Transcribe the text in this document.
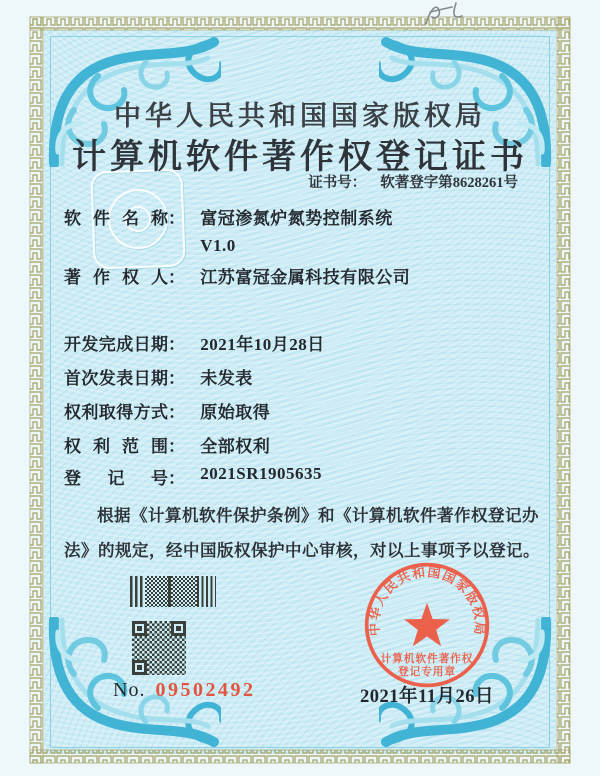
中华人民共和国国家版权局
计算机软件著作权登记证书
证书号： 软著登字第8628261号
软件名称： 富冠渗氮炉氮势控制系统
V1.0
著作权人： 江苏富冠金属科技有限公司
开发完成日期： 2021年10月28日
首次发表日期： 未发表
权利取得方式： 原始取得
权利范围： 全部权利
登记号： 2021SR1905635

根据《计算机软件保护条例》和《计算机软件著作权登记办法》的规定，经中国版权保护中心审核，对以上事项予以登记。

No. 09502492
中华人民共和国国家版权局
计算机软件著作权
登记专用章
2021年11月26日
